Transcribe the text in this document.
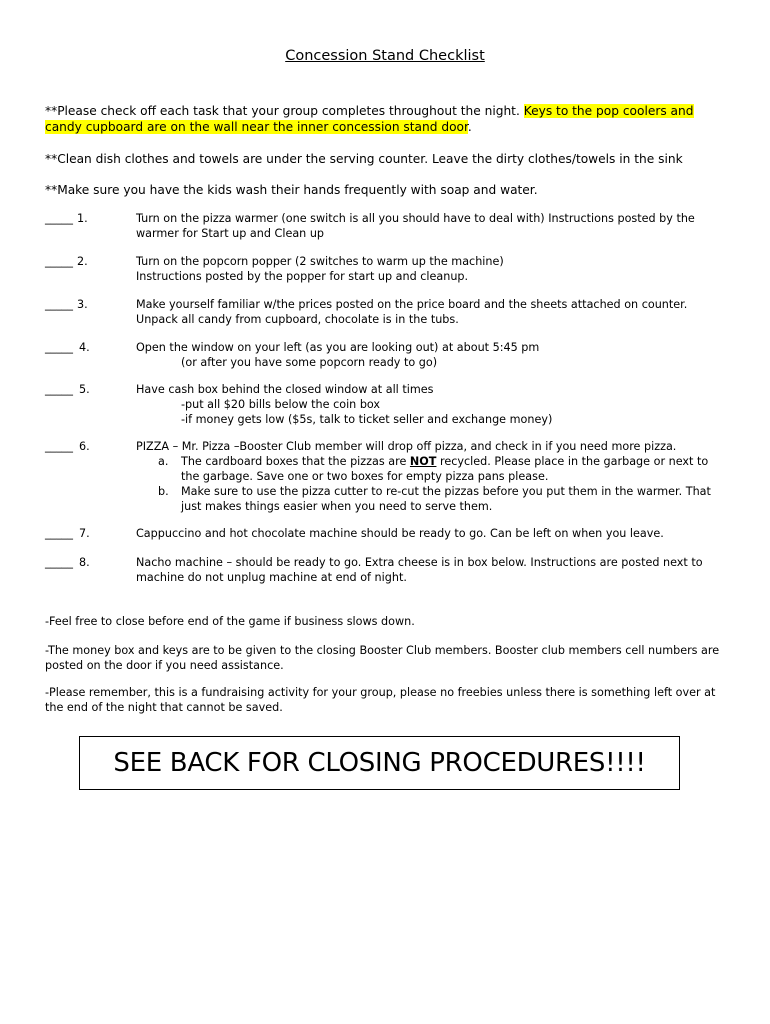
Concession Stand Checklist
**Please check off each task that your group completes throughout the night. Keys to the pop coolers and candy cupboard are on the wall near the inner concession stand door.
**Clean dish clothes and towels are under the serving counter. Leave the dirty clothes/towels in the sink
**Make sure you have the kids wash their hands frequently with soap and water.
_____ 1.	Turn on the pizza warmer (one switch is all you should have to deal with) Instructions posted by the warmer for Start up and Clean up
_____ 2.	Turn on the popcorn popper (2 switches to warm up the machine)
Instructions posted by the popper for start up and cleanup.
_____ 3.	Make yourself familiar w/the prices posted on the price board and the sheets attached on counter. Unpack all candy from cupboard, chocolate is in the tubs.
_____ 4.	Open the window on your left (as you are looking out) at about 5:45 pm
(or after you have some popcorn ready to go)
_____ 5.	Have cash box behind the closed window at all times
-put all $20 bills below the coin box
-if money gets low ($5s, talk to ticket seller and exchange money)
_____ 6.	PIZZA – Mr. Pizza –Booster Club member will drop off pizza, and check in if you need more pizza.
a. The cardboard boxes that the pizzas are NOT recycled. Please place in the garbage or next to the garbage. Save one or two boxes for empty pizza pans please.
b. Make sure to use the pizza cutter to re-cut the pizzas before you put them in the warmer. That just makes things easier when you need to serve them.
_____ 7.	Cappuccino and hot chocolate machine should be ready to go. Can be left on when you leave.
_____ 8.	Nacho machine – should be ready to go. Extra cheese is in box below. Instructions are posted next to machine do not unplug machine at end of night.
-Feel free to close before end of the game if business slows down.
-The money box and keys are to be given to the closing Booster Club members. Booster club members cell numbers are posted on the door if you need assistance.
-Please remember, this is a fundraising activity for your group, please no freebies unless there is something left over at the end of the night that cannot be saved.
SEE BACK FOR CLOSING PROCEDURES!!!!
